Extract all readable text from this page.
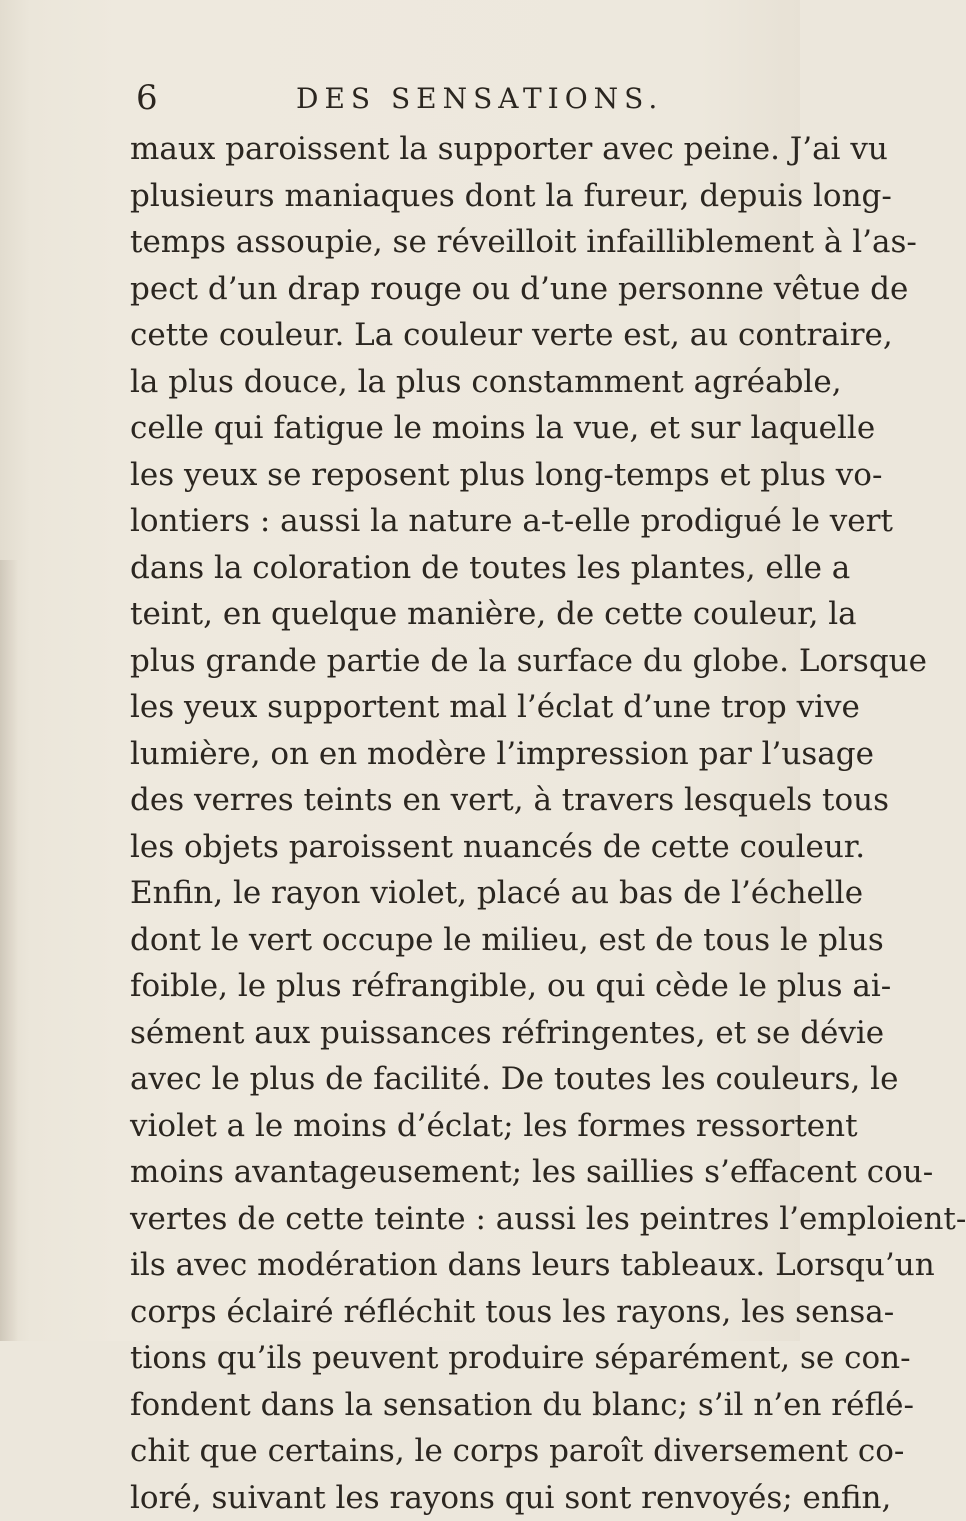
6	DES SENSATIONS.
maux paroissent la supporter avec peine. J’ai vu
plusieurs maniaques dont la fureur, depuis long-
temps assoupie, se réveilloit infailliblement à l’as-
pect d’un drap rouge ou d’une personne vêtue de
cette couleur. La couleur verte est, au contraire,
la plus douce, la plus constamment agréable,
celle qui fatigue le moins la vue, et sur laquelle
les yeux se reposent plus long-temps et plus vo-
lontiers : aussi la nature a-t-elle prodigué le vert
dans la coloration de toutes les plantes, elle a
teint, en quelque manière, de cette couleur, la
plus grande partie de la surface du globe. Lorsque
les yeux supportent mal l’éclat d’une trop vive
lumière, on en modère l’impression par l’usage
des verres teints en vert, à travers lesquels tous
les objets paroissent nuancés de cette couleur.
Enfin, le rayon violet, placé au bas de l’échelle
dont le vert occupe le milieu, est de tous le plus
foible, le plus réfrangible, ou qui cède le plus ai-
sément aux puissances réfringentes, et se dévie
avec le plus de facilité. De toutes les couleurs, le
violet a le moins d’éclat; les formes ressortent
moins avantageusement; les saillies s’effacent cou-
vertes de cette teinte : aussi les peintres l’emploient-
ils avec modération dans leurs tableaux. Lorsqu’un
corps éclairé réfléchit tous les rayons, les sensa-
tions qu’ils peuvent produire séparément, se con-
fondent dans la sensation du blanc; s’il n’en réflé-
chit que certains, le corps paroît diversement co-
loré, suivant les rayons qui sont renvoyés; enfin,
